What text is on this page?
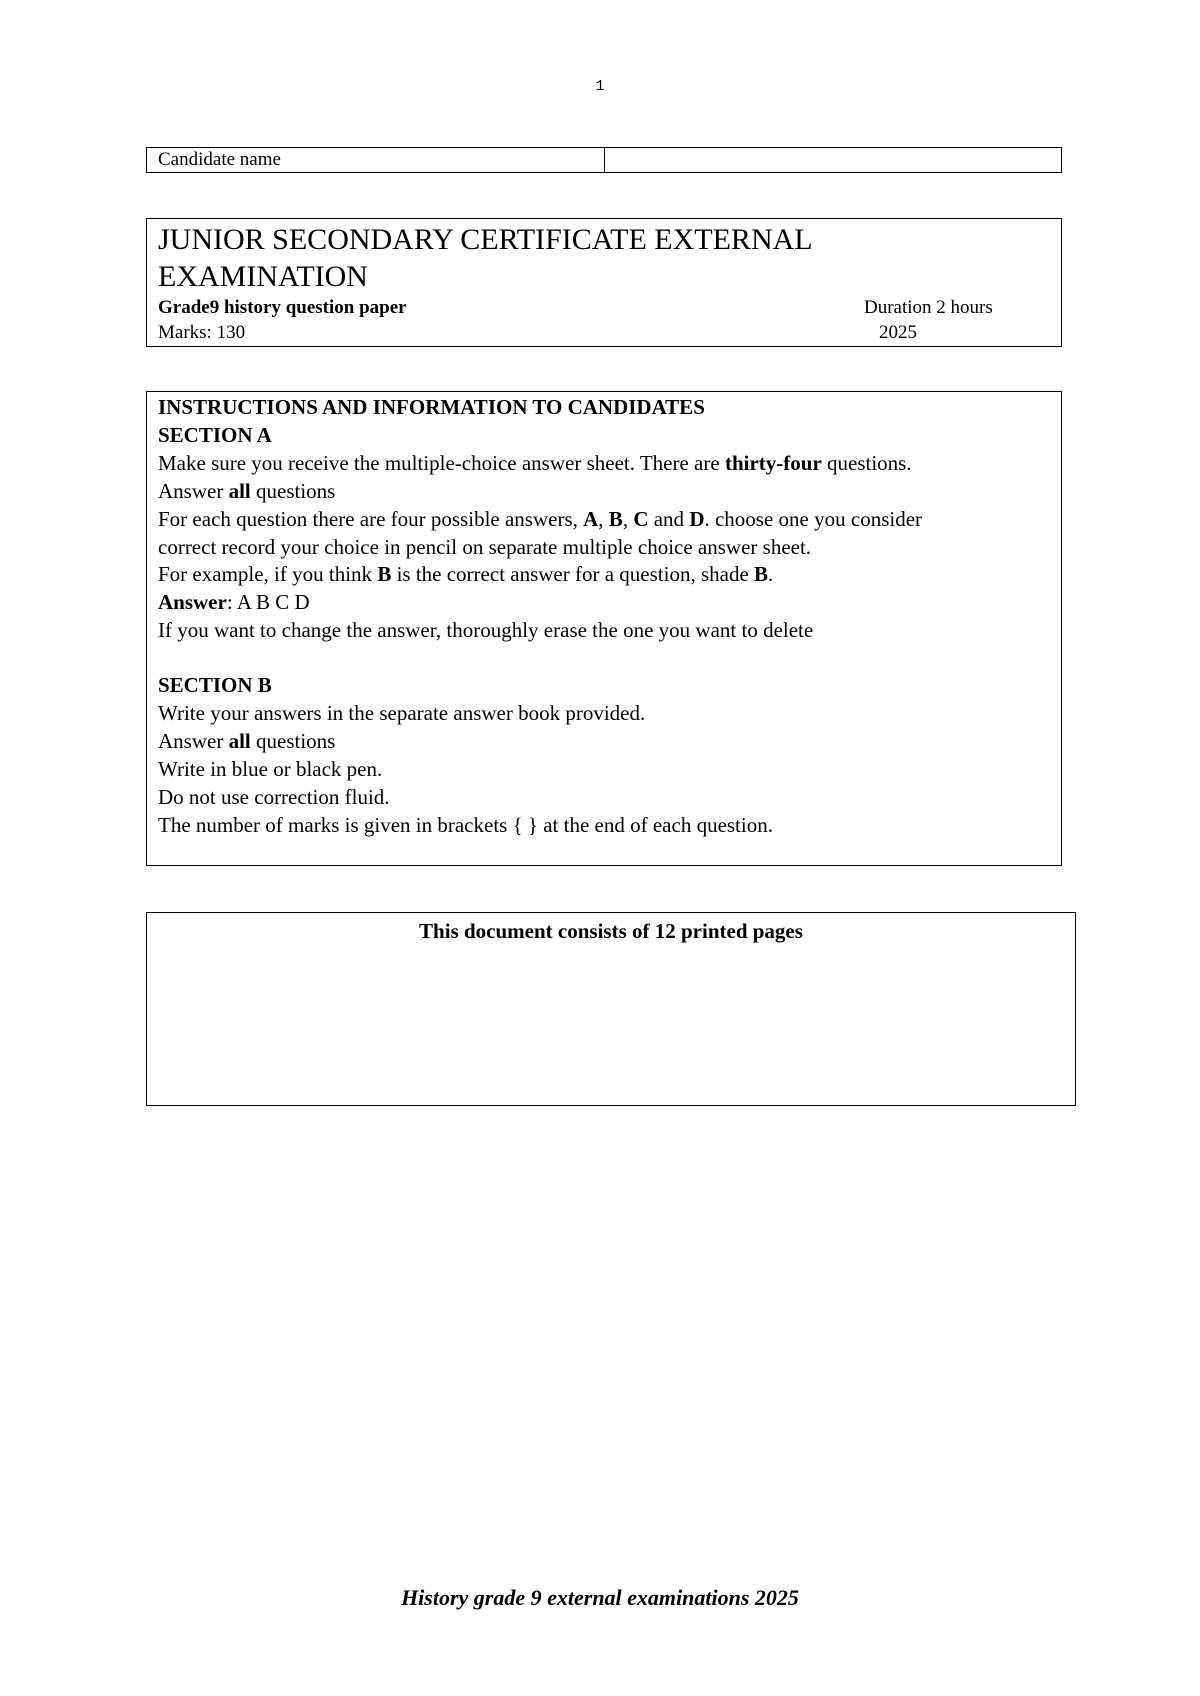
1
Candidate name
JUNIOR SECONDARY CERTIFICATE EXTERNAL
EXAMINATION
Grade9 history question paper	Duration 2 hours
Marks: 130	2025

INSTRUCTIONS AND INFORMATION TO CANDIDATES

SECTION A

Make sure you receive the multiple-choice answer sheet. There are thirty-four questions.

Answer all questions

For each question there are four possible answers, A, B, C and D. choose one you consider

correct record your choice in pencil on separate multiple choice answer sheet.

For example, if you think B is the correct answer for a question, shade B.

Answer: A B C D

If you want to change the answer, thoroughly erase the one you want to delete

SECTION B

Write your answers in the separate answer book provided.

Answer all questions

Write in blue or black pen.

Do not use correction fluid.

The number of marks is given in brackets { } at the end of each question.

This document consists of 12 printed pages
History grade 9 external examinations 2025
